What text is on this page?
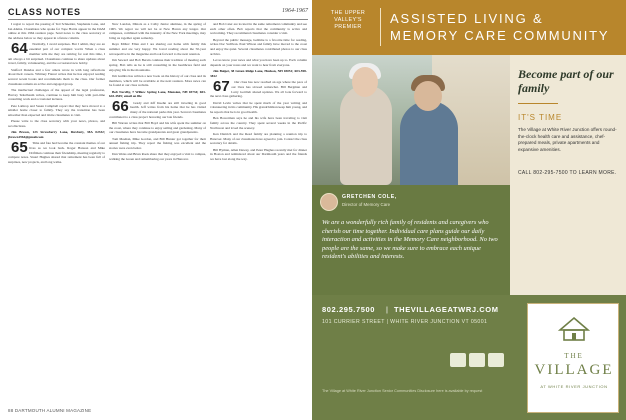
CLASS NOTES	1964-1967

I regret to report the passing of Ted Schneider, Stephanie Lane, and Ian Atkins. Classmates who spoke for Tope Harris appear in the DAM online at this 1964 reunion page. Send notes to the class secretary at the address below so they appear in a future column.

64 Normally, I avoid surprises. But I admit, they are an essential part of our complex world. When a class member tells me they are retiring for real this time, I am always a bit surprised. Classmates continue to share updates about travel, family, volunteering, and the occasional new hobby.

Stafford Dundas and a few others wrote in with long reflections about their careers. Whitney Fiancé writes that he has enjoyed reading several recent books and recommends them to the class. Our former classmates remain an active and engaged group.

The intellectual challenges of the appeal of the legal profession, Harvey Teitelbaum writes, continue to keep him busy with part-time consulting work and occasional lectures.

Pete Lathrop and Susan Campbell report that they have moved to a smaller home closer to family. They say the transition has been smoother than expected and invite classmates to visit.

Please write to the class secretary with your news, photos, and recollections.

Jim Brown, 123 Strawberry Lane, Duxbury, MA 02332; jbrown1964@gmail.com

65 Time and fate had become the constant themes of our lives as we look back. Roger Hanson and Mike Driftman continue their friendship, meeting regularly to compare notes. Stuart Hughes shared that retirement has been full of surprises, new projects, and long walks.

New London, Illinois as a Colby Junior alumnae, in the spring of 1965. We regret we will not be at New Haven any longer. Our campuses, combined with the intensity of the New York meetings, may bring us together again someday.

Reye Miller: Ellen and I are sharing our home with family this summer and are very happy. We loved reading about the 50-year retrospective in the magazine and look forward to the next reunion.

Jim Seward and Bob Bersin continue their tradition of meeting each spring. Bob tells us he is still consulting in the healthcare field and enjoying life in the mountains.

Jim Gumbs has written a new book on the history of our class and its members, which will be available at the next reunion. More news can be found at our class website.

Bob Nordby, 7 Willow Spring Lane, Mansion, NH 03734; 603-643-4505; email on file

66 Grady and Jeff Kuehn are still traveling in good health. Jeff writes from his home that he has visited many of the national parks this year. Several classmates contributed to a class project honoring our late friends.

Bill Warren writes that Bill Boyd and his wife spent the summer on the coast, where they continue to enjoy sailing and gardening. Many of our classmates have become grandparents and great grandparents.

Tom Meehan, Mike Gordon, and Bill Hunter got together for their annual fishing trip. They report the fishing was excellent and the stories were even better.

Dan Weiss and Brian Rook share that they enjoyed a visit to campus, walking the Green and remembering our years in Hanover.

and Bob Cater are located in the same retirement community and see each other often. Bob reports that the community is active and welcoming. They recommend classmates consider a visit.

Beyond the public message, bedtime is a favorite time for reading, writes Doc Sullivan. Paul Wilson and family have moved to the coast and enjoy the quiet. Several classmates contributed photos to our class archive.

Let us know your news and what you have been up to. Each column depends on your notes and we want to hear from everyone.

Jim Bolger, 38 Green Ridge Lane, Hudson, NH 03051; 603-598-3812

67 Our class has now reached an age where the pace of our lives has slowed somewhat. Bill Bergman and Larry Gottlieb shared updates. We all look forward to the next class gathering.

David Levin writes that he spent much of the year writing and volunteering in his community. His grandchildren keep him young, and he reports that he is in good health.

Ben Bowerman says he and his wife have been traveling to visit family across the country. They spent several weeks in the Pacific Northwest and loved the scenery.

Ken Dietrich and the Reed family are planning a reunion trip to Hanover. Many of our classmates have agreed to join. Contact the class secretary for details.

Bill Hyman, Allen Dewey, and Peter Hughes recently met for dinner in Boston and reminisced about our Dartmouth years and the friends we have lost along the way.

88 DARTMOUTH ALUMNI MAGAZINE
THE UPPER VALLEY'S PREMIER
ASSISTED LIVING &
MEMORY CARE COMMUNITY
Become part of our family
IT'S TIME
The Village at White River Junction offers round-the-clock health care and assistance, chef-prepared meals, private apartments and expansive amenities.
CALL 802-295-7500 TO LEARN MORE.
GRETCHEN COLE,
Director of Memory Care
We are a wonderfully rich family of residents and caregivers who cherish our time together. Individual care plans guide our daily interaction and activities in the Memory Care neighborhood. No two people are the same, so we make sure to embrace each unique resident's abilities and interests.
802.295.7500 | THEVILLAGEATWRJ.COM
101 CURRIER STREET | WHITE RIVER JUNCTION VT 05001
The Village at White River Junction Senior Communities Disclosure here is available by request
THE
VILLAGE
AT WHITE RIVER JUNCTION
